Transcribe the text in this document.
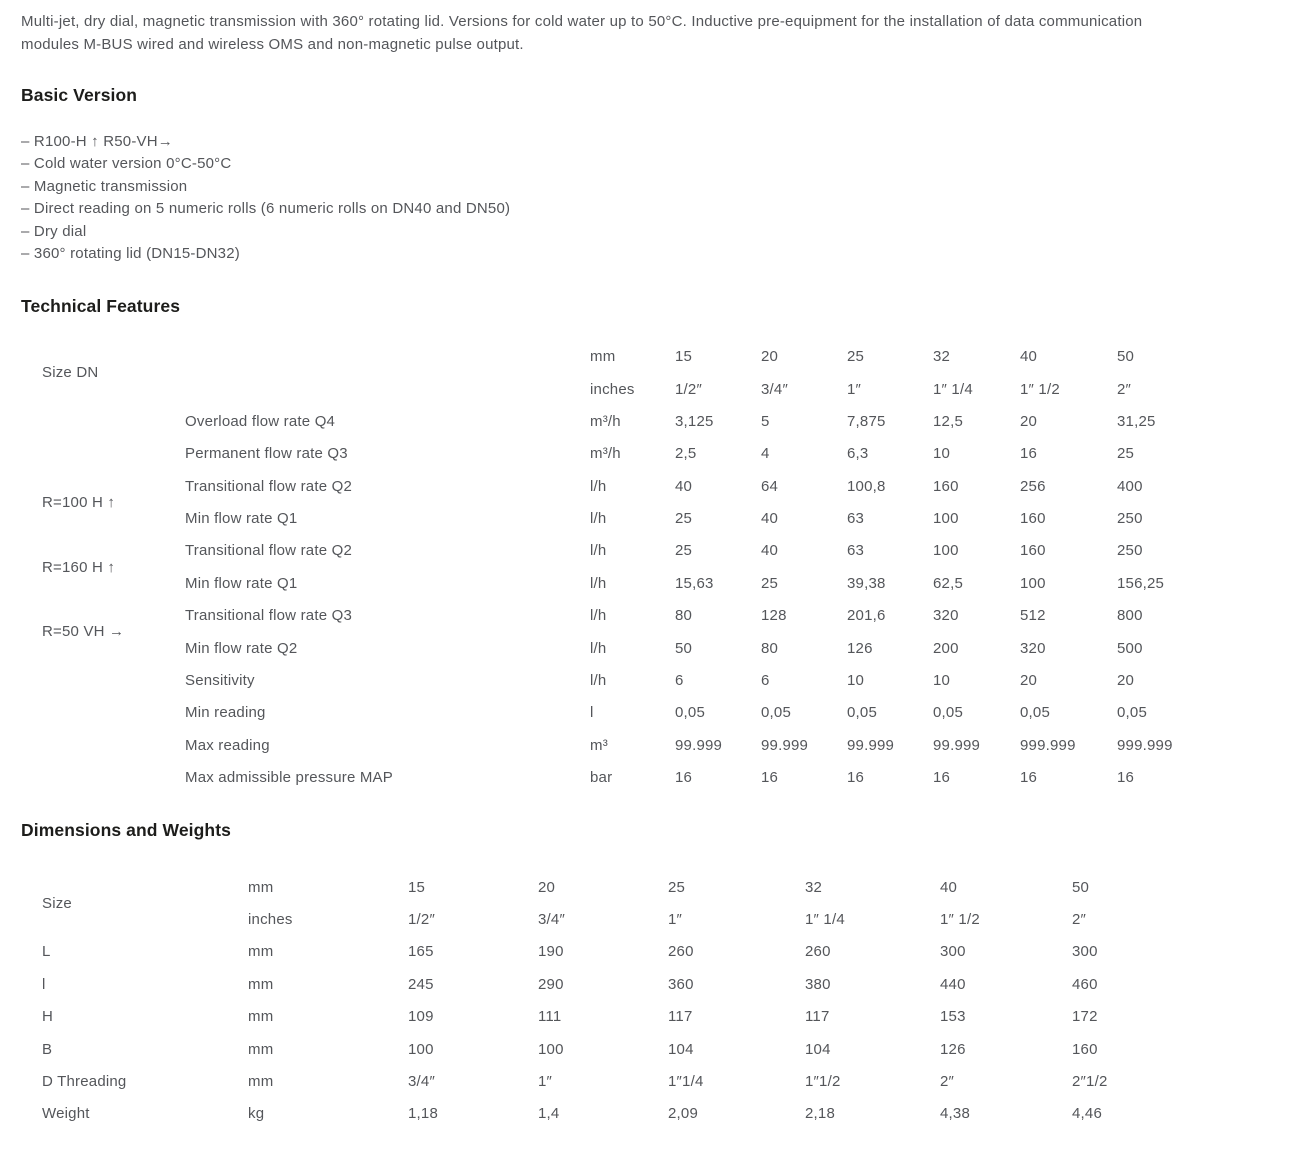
Multi-jet, dry dial, magnetic transmission with 360° rotating lid. Versions for cold water up to 50°C. Inductive pre-equipment for the installation of data communication modules M-BUS wired and wireless OMS and non-magnetic pulse output.

Basic Version
– R100-H ↑ R50-VH→
– Cold water version 0°C-50°C
– Magnetic transmission
– Direct reading on 5 numeric rolls (6 numeric rolls on DN40 and DN50)
– Dry dial
– 360° rotating lid (DN15-DN32)
Technical Features
Size DN		mm	15	20	25	32	40	50
		inches	1/2″	3/4″	1″	1″ 1/4	1″ 1/2	2″
	Overload flow rate Q4	m³/h	3,125	5	7,875	12,5	20	31,25
	Permanent flow rate Q3	m³/h	2,5	4	6,3	10	16	25
R=100 H ↑	Transitional flow rate Q2	l/h	40	64	100,8	160	256	400
	Min flow rate Q1	l/h	25	40	63	100	160	250
R=160 H ↑	Transitional flow rate Q2	l/h	25	40	63	100	160	250
	Min flow rate Q1	l/h	15,63	25	39,38	62,5	100	156,25
R=50 VH →	Transitional flow rate Q3	l/h	80	128	201,6	320	512	800
	Min flow rate Q2	l/h	50	80	126	200	320	500
	Sensitivity	l/h	6	6	10	10	20	20
	Min reading	l	0,05	0,05	0,05	0,05	0,05	0,05
	Max reading	m³	99.999	99.999	99.999	99.999	999.999	999.999
	Max admissible pressure MAP	bar	16	16	16	16	16	16
Dimensions and Weights
Size	mm	15	20	25	32	40	50
	inches	1/2″	3/4″	1″	1″ 1/4	1″ 1/2	2″
L	mm	165	190	260	260	300	300
l	mm	245	290	360	380	440	460
H	mm	109	111	117	117	153	172
B	mm	100	100	104	104	126	160
D Threading	mm	3/4″	1″	1″1/4	1″1/2	2″	2″1/2
Weight	kg	1,18	1,4	2,09	2,18	4,38	4,46
